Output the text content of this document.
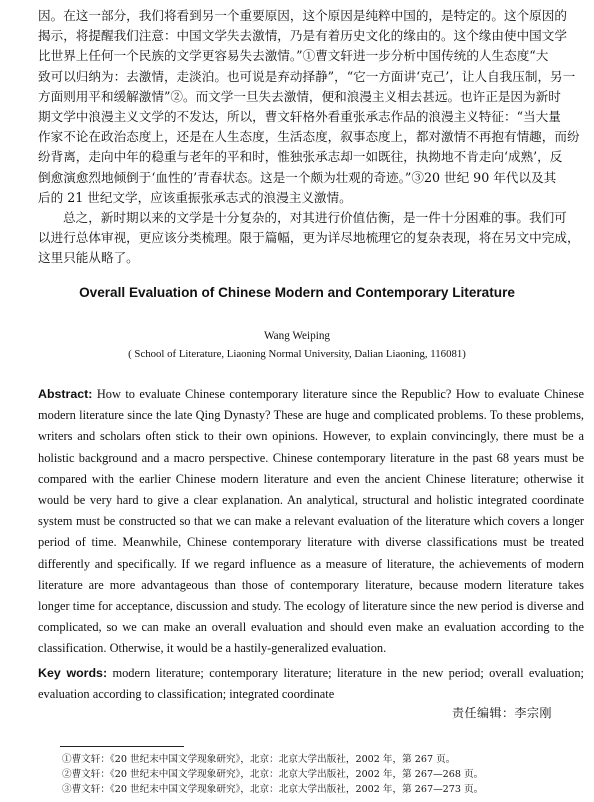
因。在这一部分，我们将看到另一个重要原因，这个原因是纯粹中国的，是特定的。这个原因的
揭示，将提醒我们注意：中国文学失去激情，乃是有着历史文化的缘由的。这个缘由使中国文学
比世界上任何一个民族的文学更容易失去激情。”①曹文轩进一步分析中国传统的人生态度“大
致可以归纳为：去激情，走淡泊。也可说是弃动择静”，“它一方面讲‘克己’，让人自我压制，另一
方面则用平和缓解激情”②。而文学一旦失去激情，便和浪漫主义相去甚远。也许正是因为新时
期文学中浪漫主义文学的不发达，所以，曹文轩格外看重张承志作品的浪漫主义特征：“当大量
作家不论在政治态度上，还是在人生态度，生活态度，叙事态度上，都对激情不再抱有情趣，而纷
纷背离，走向中年的稳重与老年的平和时，惟独张承志却一如既往，执拗地不肯走向‘成熟’，反
倒愈演愈烈地倾倒于‘血性的’青春状态。这是一个颇为壮观的奇迹。”③20 世纪 90 年代以及其
后的 21 世纪文学，应该重振张承志式的浪漫主义激情。
总之，新时期以来的文学是十分复杂的，对其进行价值估衡，是一件十分困难的事。我们可
以进行总体审视，更应该分类梳理。限于篇幅，更为详尽地梳理它的复杂表现，将在另文中完成，
这里只能从略了。
Overall Evaluation of Chinese Modern and Contemporary Literature
Wang Weiping
( School of Literature, Liaoning Normal University, Dalian Liaoning, 116081)
Abstract: How to evaluate Chinese contemporary literature since the Republic? How to evaluate Chinese modern literature since the late Qing Dynasty? These are huge and complicated problems. To these problems, writers and scholars often stick to their own opinions. However, to explain convincingly, there must be a holistic background and a macro perspective. Chinese contemporary literature in the past 68 years must be compared with the earlier Chinese modern literature and even the ancient Chinese literature; otherwise it would be very hard to give a clear explanation. An analytical, structural and holistic integrated coordinate system must be constructed so that we can make a relevant evaluation of the literature which covers a longer period of time. Meanwhile, Chinese contemporary literature with diverse classifications must be treated differently and specifically. If we regard influence as a measure of literature, the achievements of modern literature are more advantageous than those of contemporary literature, because modern literature takes longer time for acceptance, discussion and study. The ecology of literature since the new period is diverse and complicated, so we can make an overall evaluation and should even make an evaluation according to the classification. Otherwise, it would be a hastily-generalized evaluation.
Key words: modern literature; contemporary literature; literature in the new period; overall evaluation; evaluation according to classification; integrated coordinate
责任编辑：李宗刚
①曹文轩：《20 世纪末中国文学现象研究》，北京：北京大学出版社，2002 年，第 267 页。
②曹文轩：《20 世纪末中国文学现象研究》，北京：北京大学出版社，2002 年，第 267—268 页。
③曹文轩：《20 世纪末中国文学现象研究》，北京：北京大学出版社，2002 年，第 267—273 页。
